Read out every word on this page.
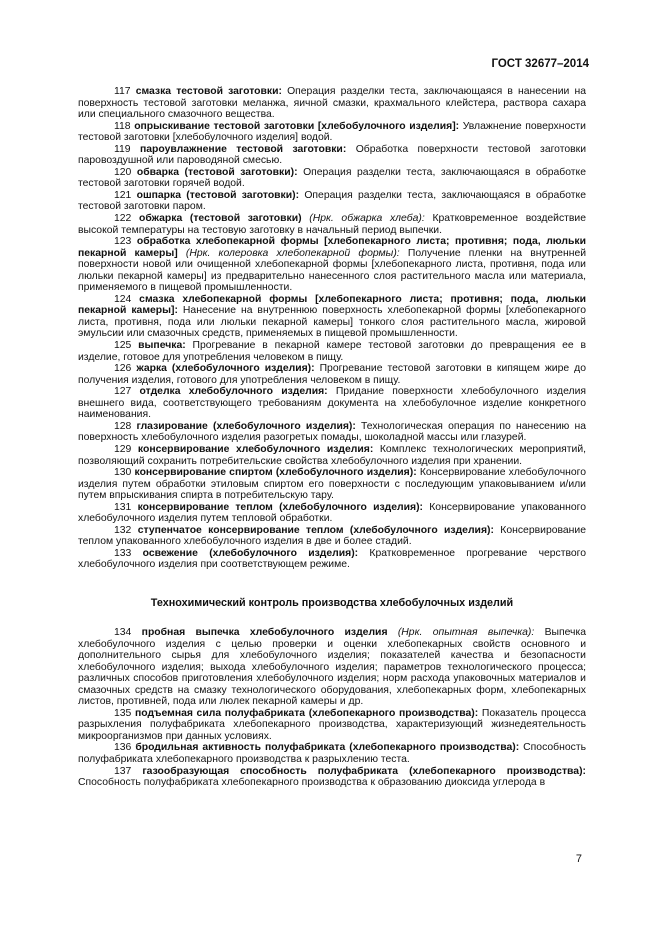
ГОСТ 32677–2014

117 смазка тестовой заготовки: Операция разделки теста, заключающаяся в нанесении на поверхность тестовой заготовки меланжа, яичной смазки, крахмального клейстера, раствора сахара или специального смазочного вещества.

118 опрыскивание тестовой заготовки [хлебобулочного изделия]: Увлажнение поверхности тестовой заготовки [хлебобулочного изделия] водой.

119 пароувлажнение тестовой заготовки: Обработка поверхности тестовой заготовки паровоздушной или пароводяной смесью.

120 обварка (тестовой заготовки): Операция разделки теста, заключающаяся в обработке тестовой заготовки горячей водой.

121 ошпарка (тестовой заготовки): Операция разделки теста, заключающаяся в обработке тестовой заготовки паром.

122 обжарка (тестовой заготовки) (Нрк. обжарка хлеба): Кратковременное воздействие высокой температуры на тестовую заготовку в начальный период выпечки.

123 обработка хлебопекарной формы [хлебопекарного листа; противня; пода, люльки пекарной камеры] (Нрк. колеровка хлебопекарной формы): Получение пленки на внутренней поверхности новой или очищенной хлебопекарной формы [хлебопекарного листа, противня, пода или люльки пекарной камеры] из предварительно нанесенного слоя растительного масла или материала, применяемого в пищевой промышленности.

124 смазка хлебопекарной формы [хлебопекарного листа; противня; пода, люльки пекарной камеры]: Нанесение на внутреннюю поверхность хлебопекарной формы [хлебопекарного листа, противня, пода или люльки пекарной камеры] тонкого слоя растительного масла, жировой эмульсии или смазочных средств, применяемых в пищевой промышленности.

125 выпечка: Прогревание в пекарной камере тестовой заготовки до превращения ее в изделие, готовое для употребления человеком в пищу.

126 жарка (хлебобулочного изделия): Прогревание тестовой заготовки в кипящем жире до получения изделия, готового для употребления человеком в пищу.

127 отделка хлебобулочного изделия: Придание поверхности хлебобулочного изделия внешнего вида, соответствующего требованиям документа на хлебобулочное изделие конкретного наименования.

128 глазирование (хлебобулочного изделия): Технологическая операция по нанесению на поверхность хлебобулочного изделия разогретых помады, шоколадной массы или глазурей.

129 консервирование хлебобулочного изделия: Комплекс технологических мероприятий, позволяющий сохранить потребительские свойства хлебобулочного изделия при хранении.

130 консервирование спиртом (хлебобулочного изделия): Консервирование хлебобулочного изделия путем обработки этиловым спиртом его поверхности с последующим упаковыванием и/или путем впрыскивания спирта в потребительскую тару.

131 консервирование теплом (хлебобулочного изделия): Консервирование упакованного хлебобулочного изделия путем тепловой обработки.

132 ступенчатое консервирование теплом (хлебобулочного изделия): Консервирование теплом упакованного хлебобулочного изделия в две и более стадий.

133 освежение (хлебобулочного изделия): Кратковременное прогревание черствого хлебобулочного изделия при соответствующем режиме.

Технохимический контроль производства хлебобулочных изделий

134 пробная выпечка хлебобулочного изделия (Нрк. опытная выпечка): Выпечка хлебобулочного изделия с целью проверки и оценки хлебопекарных свойств основного и дополнительного сырья для хлебобулочного изделия; показателей качества и безопасности хлебобулочного изделия; выхода хлебобулочного изделия; параметров технологического процесса; различных способов приготовления хлебобулочного изделия; норм расхода упаковочных материалов и смазочных средств на смазку технологического оборудования, хлебопекарных форм, хлебопекарных листов, противней, пода или люлек пекарной камеры и др.

135 подъемная сила полуфабриката (хлебопекарного производства): Показатель процесса разрыхления полуфабриката хлебопекарного производства, характеризующий жизнедеятельность микроорганизмов при данных условиях.

136 бродильная активность полуфабриката (хлебопекарного производства): Способность полуфабриката хлебопекарного производства к разрыхлению теста.

137 газообразующая способность полуфабриката (хлебопекарного производства): Способность полуфабриката хлебопекарного производства к образованию диоксида углерода в

7
